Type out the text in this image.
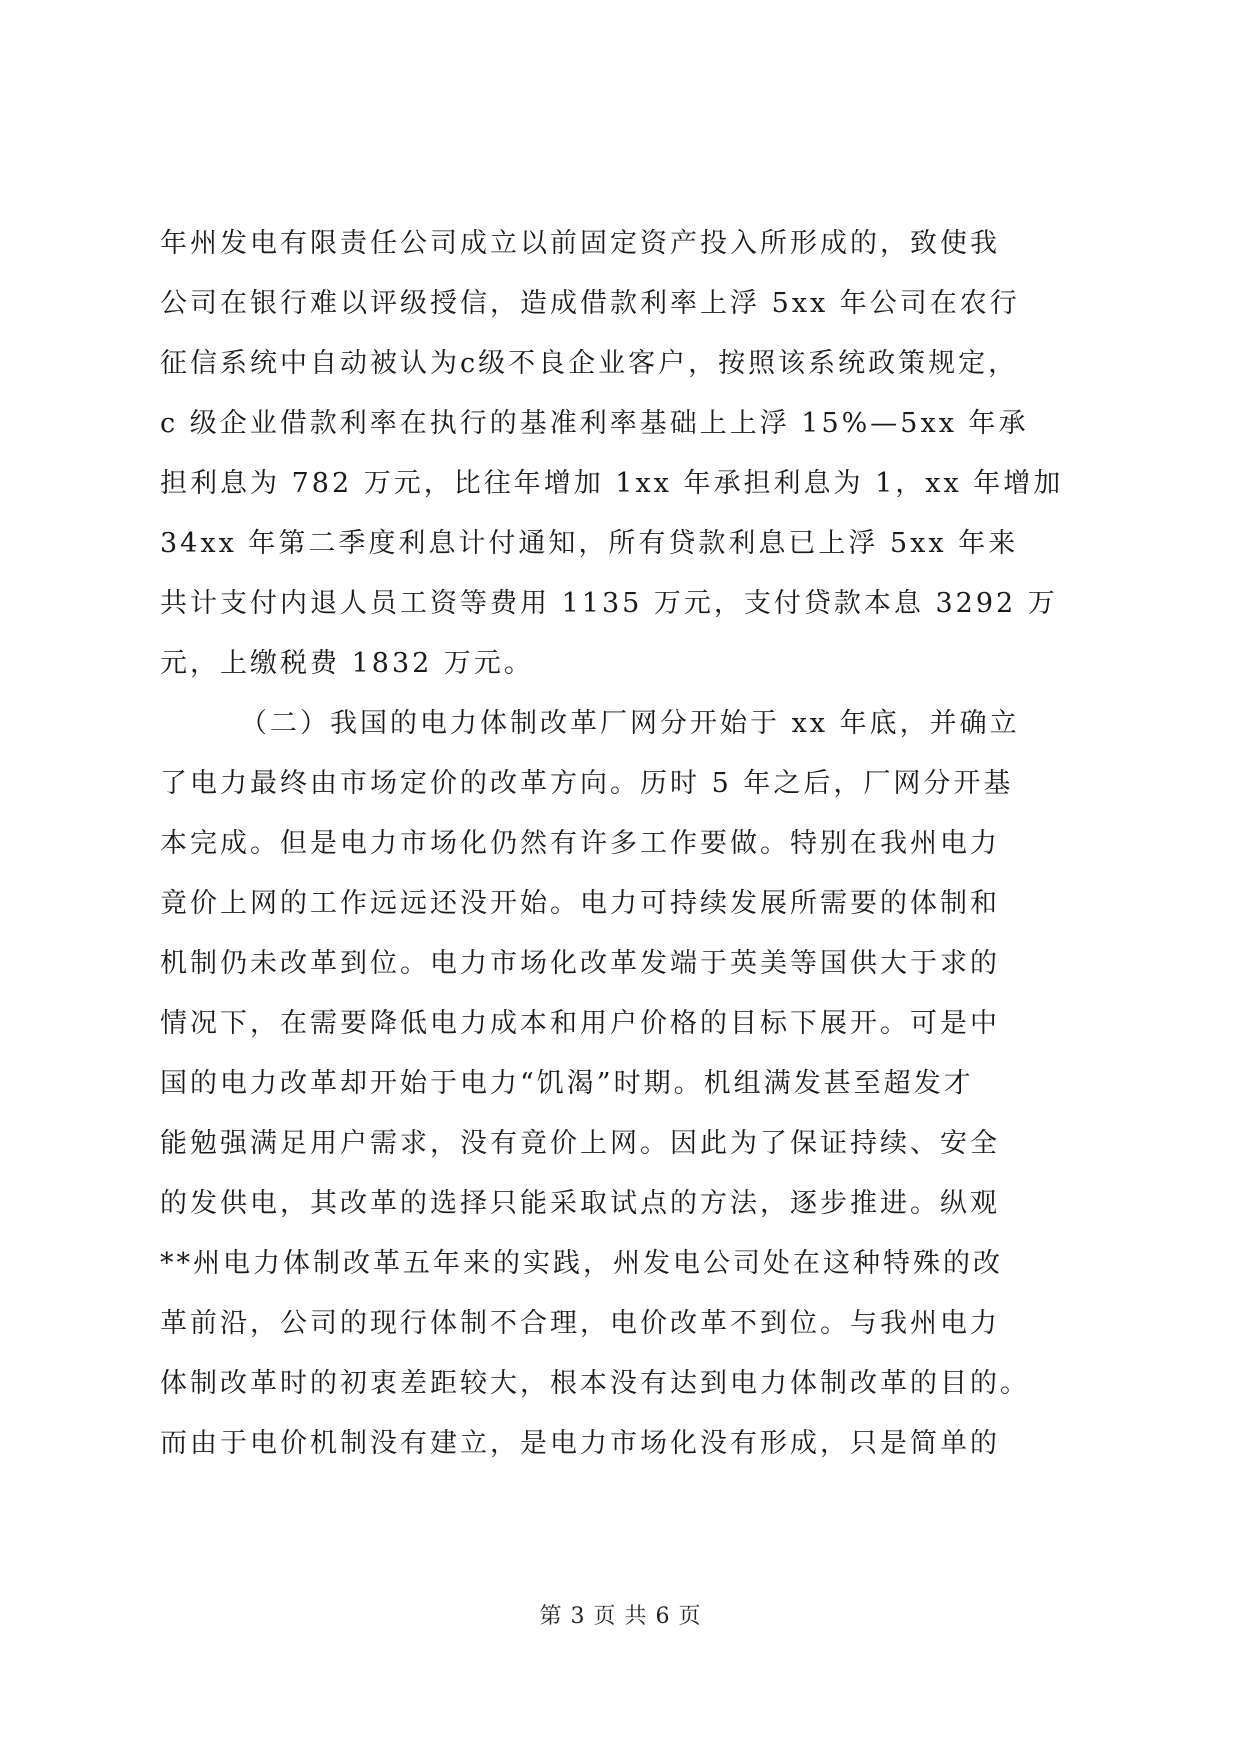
年州发电有限责任公司成立以前固定资产投入所形成的，致使我
公司在银行难以评级授信，造成借款利率上浮 5xx 年公司在农行
征信系统中自动被认为c级不良企业客户，按照该系统政策规定，
c 级企业借款利率在执行的基准利率基础上上浮 15%—5xx 年承
担利息为 782 万元，比往年增加 1xx 年承担利息为 1，xx 年增加
34xx 年第二季度利息计付通知，所有贷款利息已上浮 5xx 年来
共计支付内退人员工资等费用 1135 万元，支付贷款本息 3292 万
元，上缴税费 1832 万元。
（二）我国的电力体制改革厂网分开始于 xx 年底，并确立
了电力最终由市场定价的改革方向。历时 5 年之后，厂网分开基
本完成。但是电力市场化仍然有许多工作要做。特别在我州电力
竟价上网的工作远远还没开始。电力可持续发展所需要的体制和
机制仍未改革到位。电力市场化改革发端于英美等国供大于求的
情况下，在需要降低电力成本和用户价格的目标下展开。可是中
国的电力改革却开始于电力“饥渴”时期。机组满发甚至超发才
能勉强满足用户需求，没有竟价上网。因此为了保证持续、安全
的发供电，其改革的选择只能采取试点的方法，逐步推进。纵观
**州电力体制改革五年来的实践，州发电公司处在这种特殊的改
革前沿，公司的现行体制不合理，电价改革不到位。与我州电力
体制改革时的初衷差距较大，根本没有达到电力体制改革的目的。
而由于电价机制没有建立，是电力市场化没有形成，只是简单的
第 3 页 共 6 页
